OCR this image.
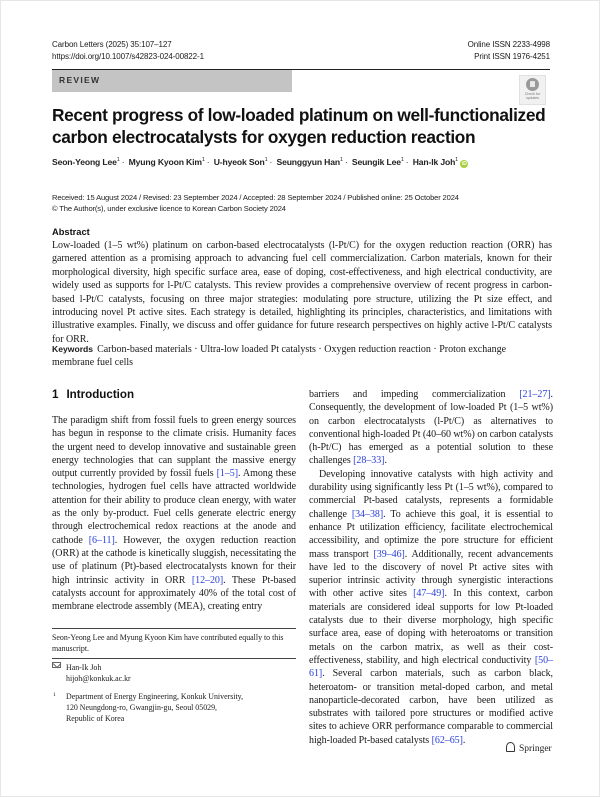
Carbon Letters (2025) 35:107–127
https://doi.org/10.1007/s42823-024-00822-1
Online ISSN 2233-4998
Print ISSN 1976-4251
REVIEW
Check for
updates
Recent progress of low-loaded platinum on well-functionalized carbon electrocatalysts for oxygen reduction reaction
Seon-Yeong Lee$^1$ · Myung Kyoon Kim$^1$ · U-hyeok Son$^1$ · Seunggyun Han$^1$ · Seungik Lee$^1$ · Han-Ik Joh$^1$ iD
Received: 15 August 2024 / Revised: 23 September 2024 / Accepted: 28 September 2024 / Published online: 25 October 2024
© The Author(s), under exclusive licence to Korean Carbon Society 2024
Abstract
Low-loaded (1–5 wt%) platinum on carbon-based electrocatalysts (l-Pt/C) for the oxygen reduction reaction (ORR) has garnered attention as a promising approach to advancing fuel cell commercialization. Carbon materials, known for their morphological diversity, high specific surface area, ease of doping, cost-effectiveness, and high electrical conductivity, are widely used as supports for l-Pt/C catalysts. This review provides a comprehensive overview of recent progress in carbon-based l-Pt/C catalysts, focusing on three major strategies: modulating pore structure, utilizing the Pt size effect, and introducing novel Pt active sites. Each strategy is detailed, highlighting its principles, characteristics, and limitations with illustrative examples. Finally, we discuss and offer guidance for future research perspectives on highly active l-Pt/C catalysts for ORR.
Keywords Carbon-based materials · Ultra-low loaded Pt catalysts · Oxygen reduction reaction · Proton exchange membrane fuel cells
1 Introduction

The paradigm shift from fossil fuels to green energy sources has begun in response to the climate crisis. Humanity faces the urgent need to develop innovative and sustainable green energy technologies that can supplant the massive energy output currently provided by fossil fuels [1–5]. Among these technologies, hydrogen fuel cells have attracted worldwide attention for their ability to produce clean energy, with water as the only by-product. Fuel cells generate electric energy through electrochemical redox reactions at the anode and cathode [6–11]. However, the oxygen reduction reaction (ORR) at the cathode is kinetically sluggish, necessitating the use of platinum (Pt)-based electrocatalysts known for their high intrinsic activity in ORR [12–20]. These Pt-based catalysts account for approximately 40% of the total cost of membrane electrode assembly (MEA), creating entry

barriers and impeding commercialization [21–27]. Consequently, the development of low-loaded Pt (1–5 wt%) on carbon electrocatalysts (l-Pt/C) as alternatives to conventional high-loaded Pt (40–60 wt%) on carbon catalysts (h-Pt/C) has emerged as a potential solution to these challenges [28–33].

Developing innovative catalysts with high activity and durability using significantly less Pt (1–5 wt%), compared to commercial Pt-based catalysts, represents a formidable challenge [34–38]. To achieve this goal, it is essential to enhance Pt utilization efficiency, facilitate electrochemical accessibility, and optimize the pore structure for efficient mass transport [39–46]. Additionally, recent advancements have led to the discovery of novel Pt active sites with superior intrinsic activity through synergistic interactions with other active sites [47–49]. In this context, carbon materials are considered ideal supports for low Pt-loaded catalysts due to their diverse morphology, high specific surface area, ease of doping with heteroatoms or transition metals on the carbon matrix, as well as their cost-effectiveness, stability, and high electrical conductivity [50–61]. Several carbon materials, such as carbon black, heteroatom- or transition metal-doped carbon, and metal nanoparticle-decorated carbon, have been utilized as substrates with tailored pore structures or modified active sites to achieve ORR performance comparable to commercial high-loaded Pt-based catalysts [62–65].

Seon-Yeong Lee and Myung Kyoon Kim have contributed equally to this manuscript.
Han-Ik Joh
hijoh@konkuk.ac.kr
1 Department of Energy Engineering, Konkuk University,
120 Neungdong-ro, Gwangjin-gu, Seoul 05029,
Republic of Korea
Springer
